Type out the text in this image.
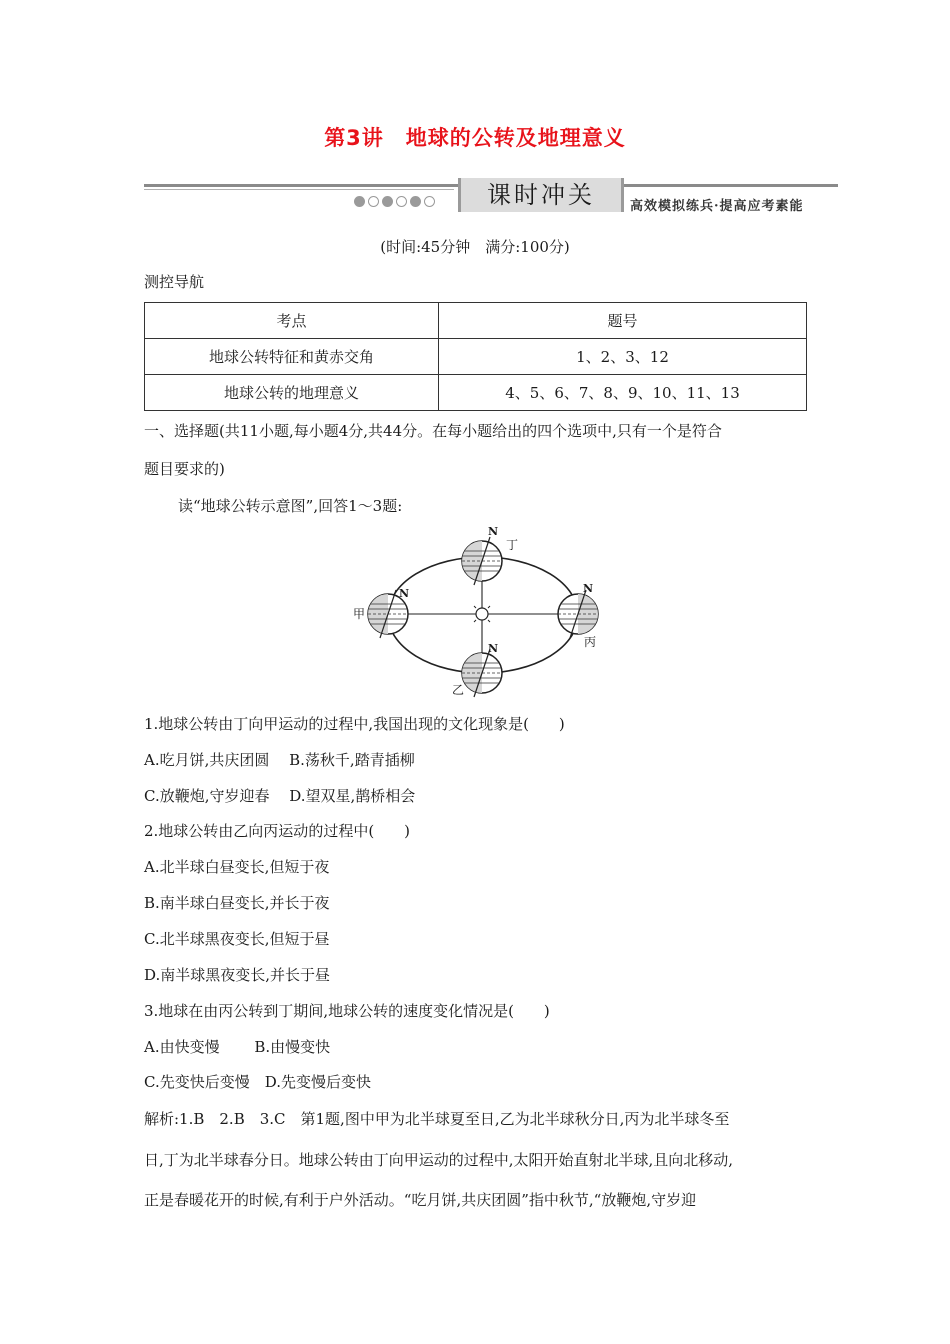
第3讲　地球的公转及地理意义
课时冲关	高效模拟练兵·提高应考素能
(时间:45分钟　满分:100分)
测控导航
考点	题号
地球公转特征和黄赤交角	1、2、3、12
地球公转的地理意义	4、5、6、7、8、9、10、11、13
一、选择题(共11小题,每小题4分,共44分。在每小题给出的四个选项中,只有一个是符合
题目要求的)
读“地球公转示意图”,回答1～3题:
N
N	N
N
丁
甲
丙
乙
1.地球公转由丁向甲运动的过程中,我国出现的文化现象是(　　)
A.吃月饼,共庆团圆　 B.荡秋千,踏青插柳
C.放鞭炮,守岁迎春　 D.望双星,鹊桥相会
2.地球公转由乙向丙运动的过程中(　　)
A.北半球白昼变长,但短于夜
B.南半球白昼变长,并长于夜
C.北半球黑夜变长,但短于昼
D.南半球黑夜变长,并长于昼
3.地球在由丙公转到丁期间,地球公转的速度变化情况是(　　)
A.由快变慢　　 B.由慢变快
C.先变快后变慢　D.先变慢后变快
解析:1.B　2.B　3.C　第1题,图中甲为北半球夏至日,乙为北半球秋分日,丙为北半球冬至
日,丁为北半球春分日。地球公转由丁向甲运动的过程中,太阳开始直射北半球,且向北移动,
正是春暖花开的时候,有利于户外活动。“吃月饼,共庆团圆”指中秋节,“放鞭炮,守岁迎
